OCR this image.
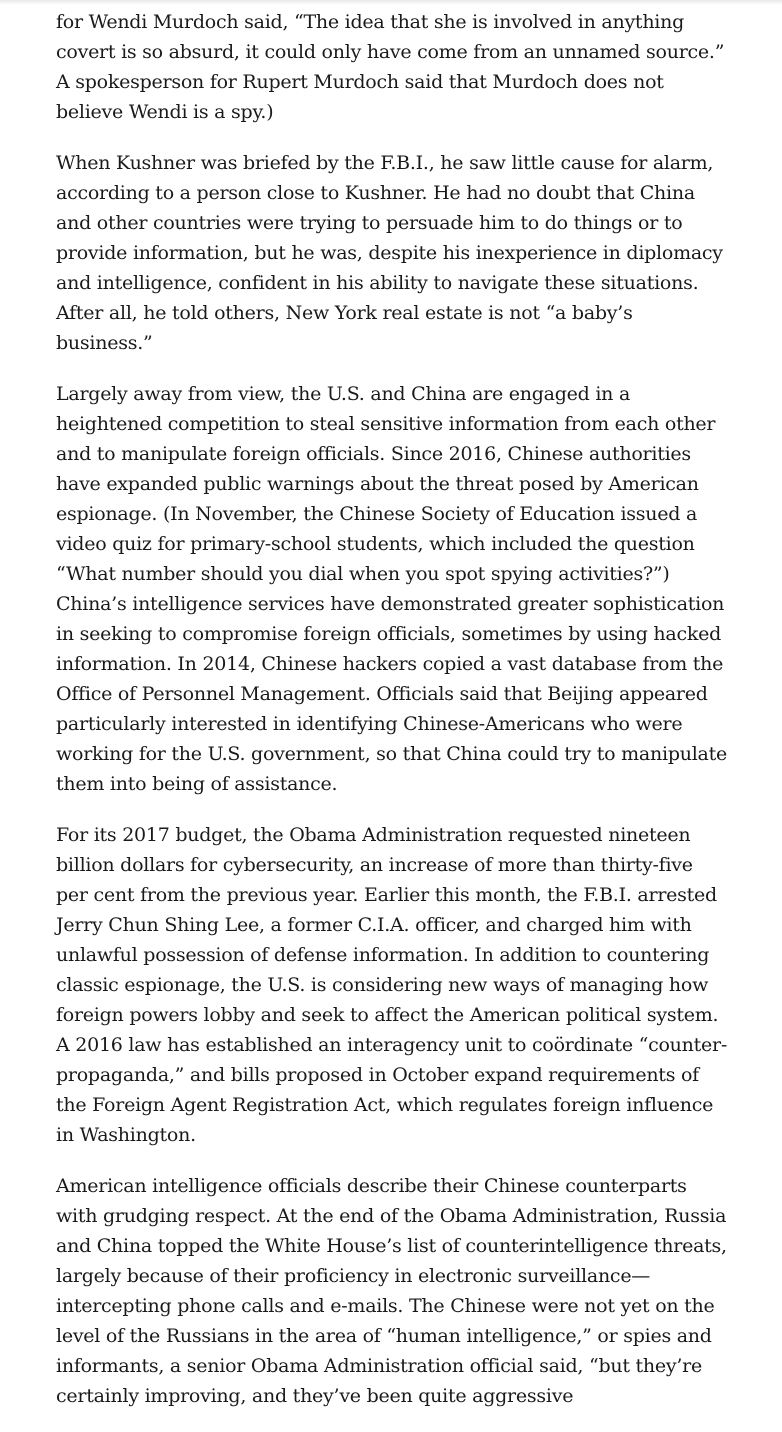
for Wendi Murdoch said, “The idea that she is involved in anything covert is so absurd, it could only have come from an unnamed source.” A spokesperson for Rupert Murdoch said that Murdoch does not believe Wendi is a spy.)

When Kushner was briefed by the F.B.I., he saw little cause for alarm, according to a person close to Kushner. He had no doubt that China and other countries were trying to persuade him to do things or to provide information, but he was, despite his inexperience in diplomacy and intelligence, confident in his ability to navigate these situations. After all, he told others, New York real estate is not “a baby’s business.”

Largely away from view, the U.S. and China are engaged in a heightened competition to steal sensitive information from each other and to manipulate foreign officials. Since 2016, Chinese authorities have expanded public warnings about the threat posed by American espionage. (In November, the Chinese Society of Education issued a video quiz for primary-school students, which included the question “What number should you dial when you spot spying activities?”) China’s intelligence services have demonstrated greater sophistication in seeking to compromise foreign officials, sometimes by using hacked information. In 2014, Chinese hackers copied a vast database from the Office of Personnel Management. Officials said that Beijing appeared particularly interested in identifying Chinese-Americans who were working for the U.S. government, so that China could try to manipulate them into being of assistance.

For its 2017 budget, the Obama Administration requested nineteen billion dollars for cybersecurity, an increase of more than thirty-five per cent from the previous year. Earlier this month, the F.B.I. arrested Jerry Chun Shing Lee, a former C.I.A. officer, and charged him with unlawful possession of defense information. In addition to countering classic espionage, the U.S. is considering new ways of managing how foreign powers lobby and seek to affect the American political system. A 2016 law has established an interagency unit to coördinate “counter-propaganda,” and bills proposed in October expand requirements of the Foreign Agent Registration Act, which regulates foreign influence in Washington.

American intelligence officials describe their Chinese counterparts with grudging respect. At the end of the Obama Administration, Russia and China topped the White House’s list of counterintelligence threats, largely because of their proficiency in electronic surveillance—intercepting phone calls and e-mails. The Chinese were not yet on the level of the Russians in the area of “human intelligence,” or spies and informants, a senior Obama Administration official said, “but they’re certainly improving, and they’ve been quite aggressive
